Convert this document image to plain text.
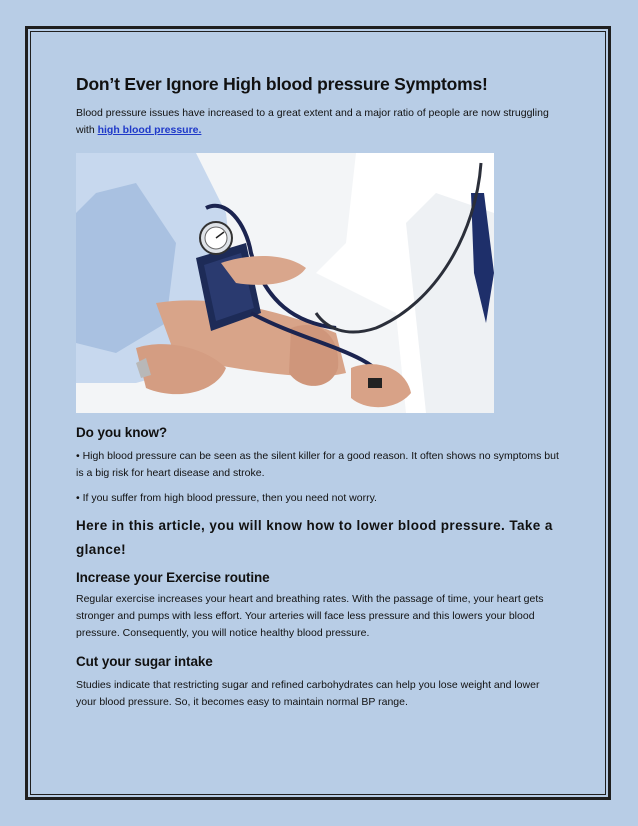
Don’t Ever Ignore High blood pressure Symptoms!

Blood pressure issues have increased to a great extent and a major ratio of people are now struggling
with high blood pressure.

Do you know?

• High blood pressure can be seen as the silent killer for a good reason. It often shows no symptoms but
is a big risk for heart disease and stroke.

• If you suffer from high blood pressure, then you need not worry.

Here in this article, you will know how to lower blood pressure. Take a
glance!
Increase your Exercise routine

Regular exercise increases your heart and breathing rates. With the passage of time, your heart gets
stronger and pumps with less effort. Your arteries will face less pressure and this lowers your blood
pressure. Consequently, you will notice healthy blood pressure.

Cut your sugar intake

Studies indicate that restricting sugar and refined carbohydrates can help you lose weight and lower
your blood pressure. So, it becomes easy to maintain normal BP range.
